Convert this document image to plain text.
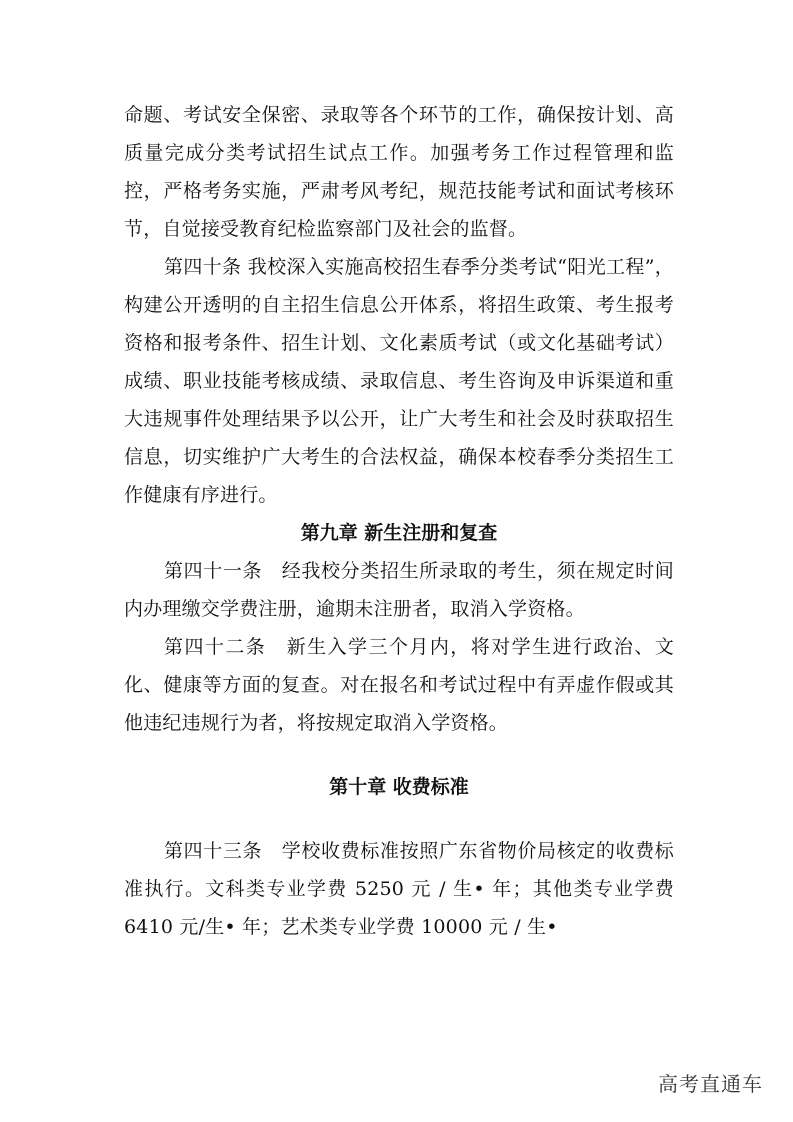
命题、考试安全保密、录取等各个环节的工作，确保按计划、高质量完成分类考试招生试点工作。加强考务工作过程管理和监控，严格考务实施，严肃考风考纪，规范技能考试和面试考核环节，自觉接受教育纪检监察部门及社会的监督。

第四十条 我校深入实施高校招生春季分类考试“阳光工程”，构建公开透明的自主招生信息公开体系，将招生政策、考生报考资格和报考条件、招生计划、文化素质考试（或文化基础考试）成绩、职业技能考核成绩、录取信息、考生咨询及申诉渠道和重大违规事件处理结果予以公开，让广大考生和社会及时获取招生信息，切实维护广大考生的合法权益，确保本校春季分类招生工作健康有序进行。

第九章 新生注册和复查

第四十一条　经我校分类招生所录取的考生，须在规定时间内办理缴交学费注册，逾期未注册者，取消入学资格。

第四十二条　新生入学三个月内，将对学生进行政治、文化、健康等方面的复查。对在报名和考试过程中有弄虚作假或其他违纪违规行为者，将按规定取消入学资格。

第十章 收费标准

第四十三条　学校收费标准按照广东省物价局核定的收费标准执行。文科类专业学费 5250 元 / 生• 年；其他类专业学费 6410 元/生• 年；艺术类专业学费 10000 元 / 生•

高考直通车
